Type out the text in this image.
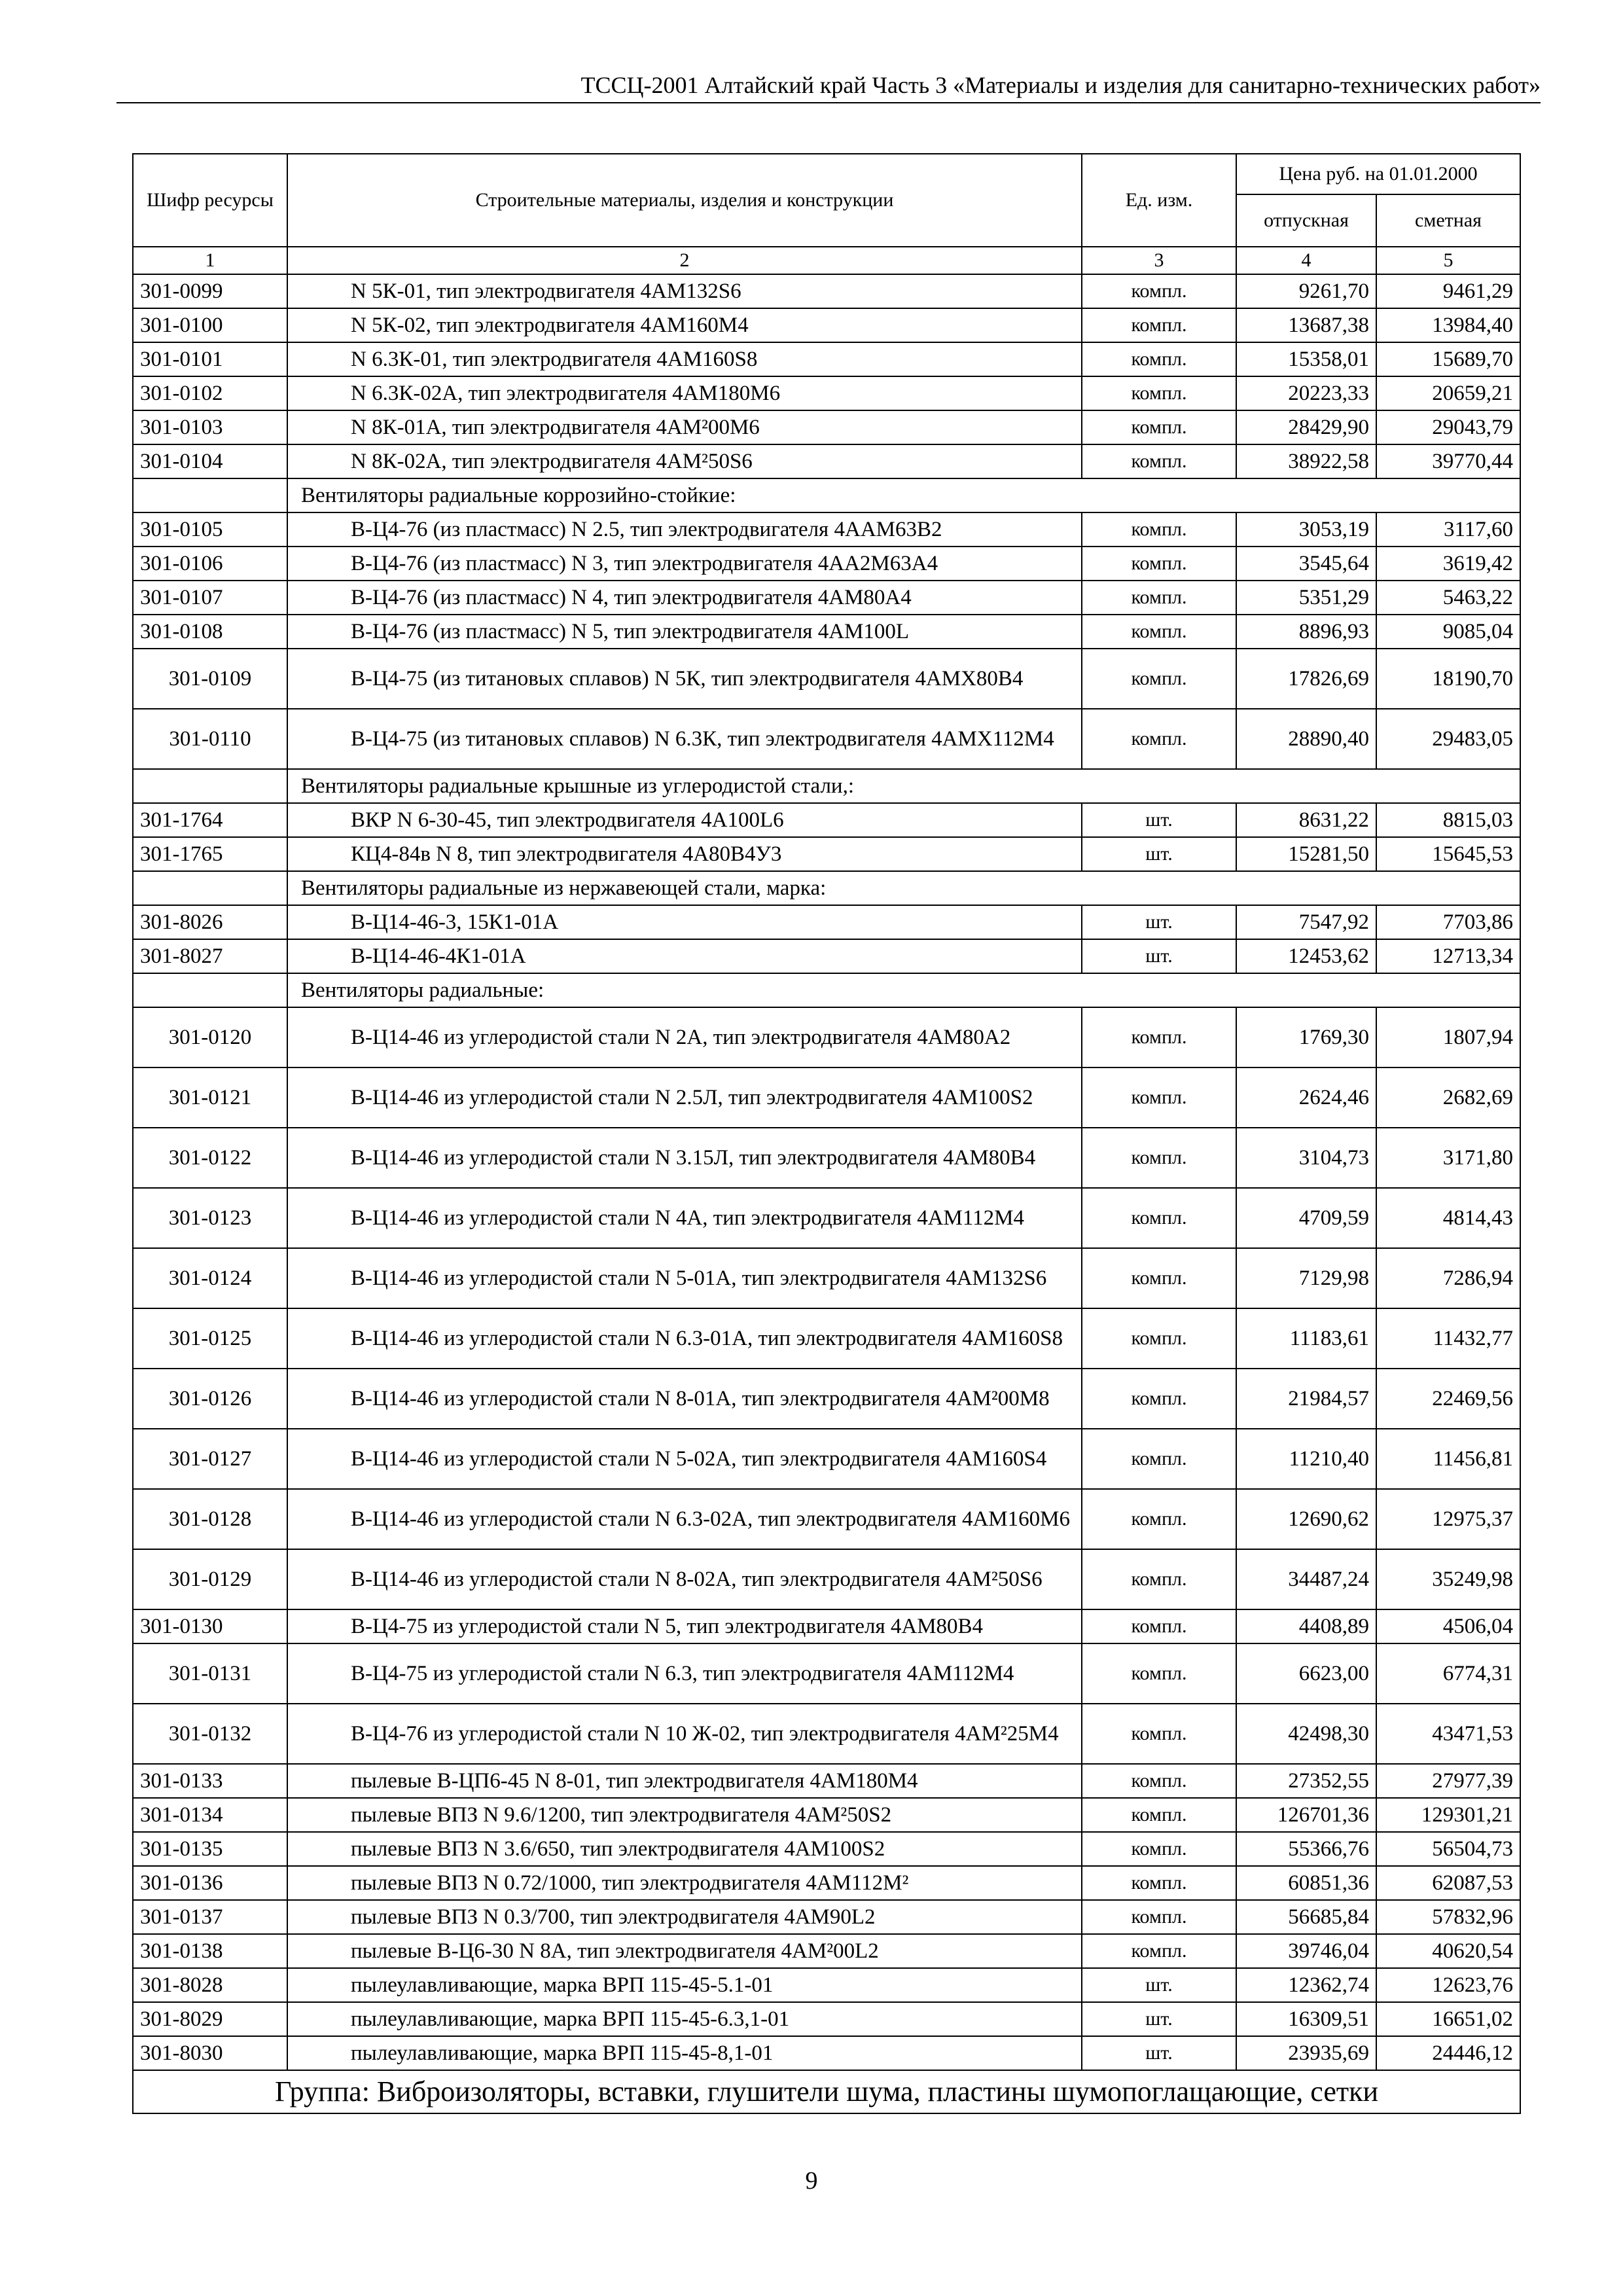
ТССЦ-2001 Алтайский край Часть 3 «Материалы и изделия для санитарно-технических работ»
Шифр ресурсы	Строительные материалы, изделия и конструкции	Ед. изм.	Цена руб. на 01.01.2000	
			отпускная	сметная
1	2	3	4	5
301-0099	N 5К-01, тип электродвигателя 4АМ132S6	компл.	9261,70	9461,29
301-0100	N 5К-02, тип электродвигателя 4АМ160М4	компл.	13687,38	13984,40
301-0101	N 6.3К-01, тип электродвигателя 4АМ160S8	компл.	15358,01	15689,70
301-0102	N 6.3К-02А, тип электродвигателя 4АМ180М6	компл.	20223,33	20659,21
301-0103	N 8К-01А, тип электродвигателя 4АМ²00М6	компл.	28429,90	29043,79
301-0104	N 8К-02А, тип электродвигателя 4АМ²50S6	компл.	38922,58	39770,44
	Вентиляторы радиальные коррозийно-стойкие:			
301-0105	В-Ц4-76 (из пластмасс) N 2.5, тип электродвигателя 4ААМ63В2	компл.	3053,19	3117,60
301-0106	В-Ц4-76 (из пластмасс) N 3, тип электродвигателя 4АА2М63А4	компл.	3545,64	3619,42
301-0107	В-Ц4-76 (из пластмасс) N 4, тип электродвигателя 4АМ80А4	компл.	5351,29	5463,22
301-0108	В-Ц4-76 (из пластмасс) N 5, тип электродвигателя 4АМ100L	компл.	8896,93	9085,04
301-0109	В-Ц4-75 (из титановых сплавов) N 5К, тип электродвигателя 4АМХ80В4	компл.	17826,69	18190,70
301-0110	В-Ц4-75 (из титановых сплавов) N 6.3К, тип электродвигателя 4АМХ112М4	компл.	28890,40	29483,05
	Вентиляторы радиальные крышные из углеродистой стали,:			
301-1764	ВКР N 6-30-45, тип электродвигателя 4А100L6	шт.	8631,22	8815,03
301-1765	КЦ4-84в N 8, тип электродвигателя 4А80В4У3	шт.	15281,50	15645,53
	Вентиляторы радиальные из нержавеющей стали, марка:			
301-8026	В-Ц14-46-3, 15К1-01А	шт.	7547,92	7703,86
301-8027	В-Ц14-46-4К1-01А	шт.	12453,62	12713,34
	Вентиляторы радиальные:			
301-0120	В-Ц14-46 из углеродистой стали N 2А, тип электродвигателя 4АМ80А2	компл.	1769,30	1807,94
301-0121	В-Ц14-46 из углеродистой стали N 2.5Л, тип электродвигателя 4АМ100S2	компл.	2624,46	2682,69
301-0122	В-Ц14-46 из углеродистой стали N 3.15Л, тип электродвигателя 4АМ80В4	компл.	3104,73	3171,80
301-0123	В-Ц14-46 из углеродистой стали N 4А, тип электродвигателя 4АМ112М4	компл.	4709,59	4814,43
301-0124	В-Ц14-46 из углеродистой стали N 5-01А, тип электродвигателя 4АМ132S6	компл.	7129,98	7286,94
301-0125	В-Ц14-46 из углеродистой стали N 6.3-01А, тип электродвигателя 4АМ160S8	компл.	11183,61	11432,77
301-0126	В-Ц14-46 из углеродистой стали N 8-01А, тип электродвигателя 4АМ²00М8	компл.	21984,57	22469,56
301-0127	В-Ц14-46 из углеродистой стали N 5-02А, тип электродвигателя 4АМ160S4	компл.	11210,40	11456,81
301-0128	В-Ц14-46 из углеродистой стали N 6.3-02А, тип электродвигателя 4АМ160М6	компл.	12690,62	12975,37
301-0129	В-Ц14-46 из углеродистой стали N 8-02А, тип электродвигателя 4АМ²50S6	компл.	34487,24	35249,98
301-0130	В-Ц4-75 из углеродистой стали N 5, тип электродвигателя 4АМ80В4	компл.	4408,89	4506,04
301-0131	В-Ц4-75 из углеродистой стали N 6.3, тип электродвигателя 4АМ112М4	компл.	6623,00	6774,31
301-0132	В-Ц4-76 из углеродистой стали N 10 Ж-02, тип электродвигателя 4АМ²25М4	компл.	42498,30	43471,53
301-0133	пылевые В-ЦП6-45 N 8-01, тип электродвигателя 4АМ180М4	компл.	27352,55	27977,39
301-0134	пылевые ВПЗ N 9.6/1200, тип электродвигателя 4АМ²50S2	компл.	126701,36	129301,21
301-0135	пылевые ВПЗ N 3.6/650, тип электродвигателя 4АМ100S2	компл.	55366,76	56504,73
301-0136	пылевые ВПЗ N 0.72/1000, тип электродвигателя 4АМ112М²	компл.	60851,36	62087,53
301-0137	пылевые ВПЗ N 0.3/700, тип электродвигателя 4АМ90L2	компл.	56685,84	57832,96
301-0138	пылевые В-Ц6-30 N 8А, тип электродвигателя 4АМ²00L2	компл.	39746,04	40620,54
301-8028	пылеулавливающие, марка ВРП 115-45-5.1-01	шт.	12362,74	12623,76
301-8029	пылеулавливающие, марка ВРП 115-45-6.3,1-01	шт.	16309,51	16651,02
301-8030	пылеулавливающие, марка ВРП 115-45-8,1-01	шт.	23935,69	24446,12
Группа: Виброизоляторы, вставки, глушители шума, пластины шумопоглащающие, сетки				
9
